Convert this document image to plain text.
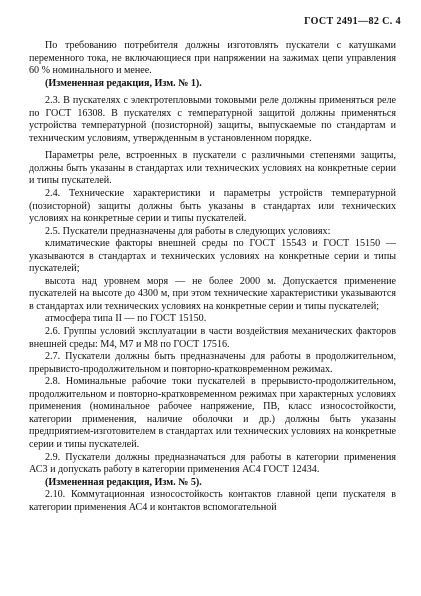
ГОСТ 2491—82 С. 4

По требованию потребителя должны изготовлять пускатели с катушками переменного тока, не включающиеся при напряжении на зажимах цепи управления 60 % номинального и менее.

(Измененная редакция, Изм. № 1).

2.3. В пускателях с электротепловыми токовыми реле должны применяться реле по ГОСТ 16308. В пускателях с температурной защитой должны применяться устройства температурной (позисторной) защиты, выпускаемые по стандартам и техническим условиям, утвержденным в установленном порядке.

Параметры реле, встроенных в пускатели с различными степенями защиты, должны быть указаны в стандартах или технических условиях на конкретные серии и типы пускателей.

2.4. Технические характеристики и параметры устройств температурной (позисторной) защиты должны быть указаны в стандартах или технических условиях на конкретные серии и типы пускателей.

2.5. Пускатели предназначены для работы в следующих условиях:

климатические факторы внешней среды по ГОСТ 15543 и ГОСТ 15150 — указываются в стандартах и технических условиях на конкретные серии и типы пускателей;

высота над уровнем моря — не более 2000 м. Допускается применение пускателей на высоте до 4300 м, при этом технические характеристики указываются в стандартах или технических условиях на конкретные серии и типы пускателей;

атмосфера типа II — по ГОСТ 15150.

2.6. Группы условий эксплуатации в части воздействия механических факторов внешней среды: М4, М7 и М8 по ГОСТ 17516.

2.7. Пускатели должны быть предназначены для работы в продолжительном, прерывисто-продолжительном и повторно-кратковременном режимах.

2.8. Номинальные рабочие токи пускателей в прерывисто-продолжительном, продолжительном и повторно-кратковременном режимах при характерных условиях применения (номинальное рабочее напряжение, ПВ, класс износостойкости, категории применения, наличие оболочки и др.) должны быть указаны предприятием-изготовителем в стандартах или технических условиях на конкретные серии и типы пускателей.

2.9. Пускатели должны предназначаться для работы в категории применения АС3 и допускать работу в категории применения АС4 ГОСТ 12434.

(Измененная редакция, Изм. № 5).

2.10. Коммутационная износостойкость контактов главной цепи пускателя в категории применения АС4 и контактов вспомогательной
